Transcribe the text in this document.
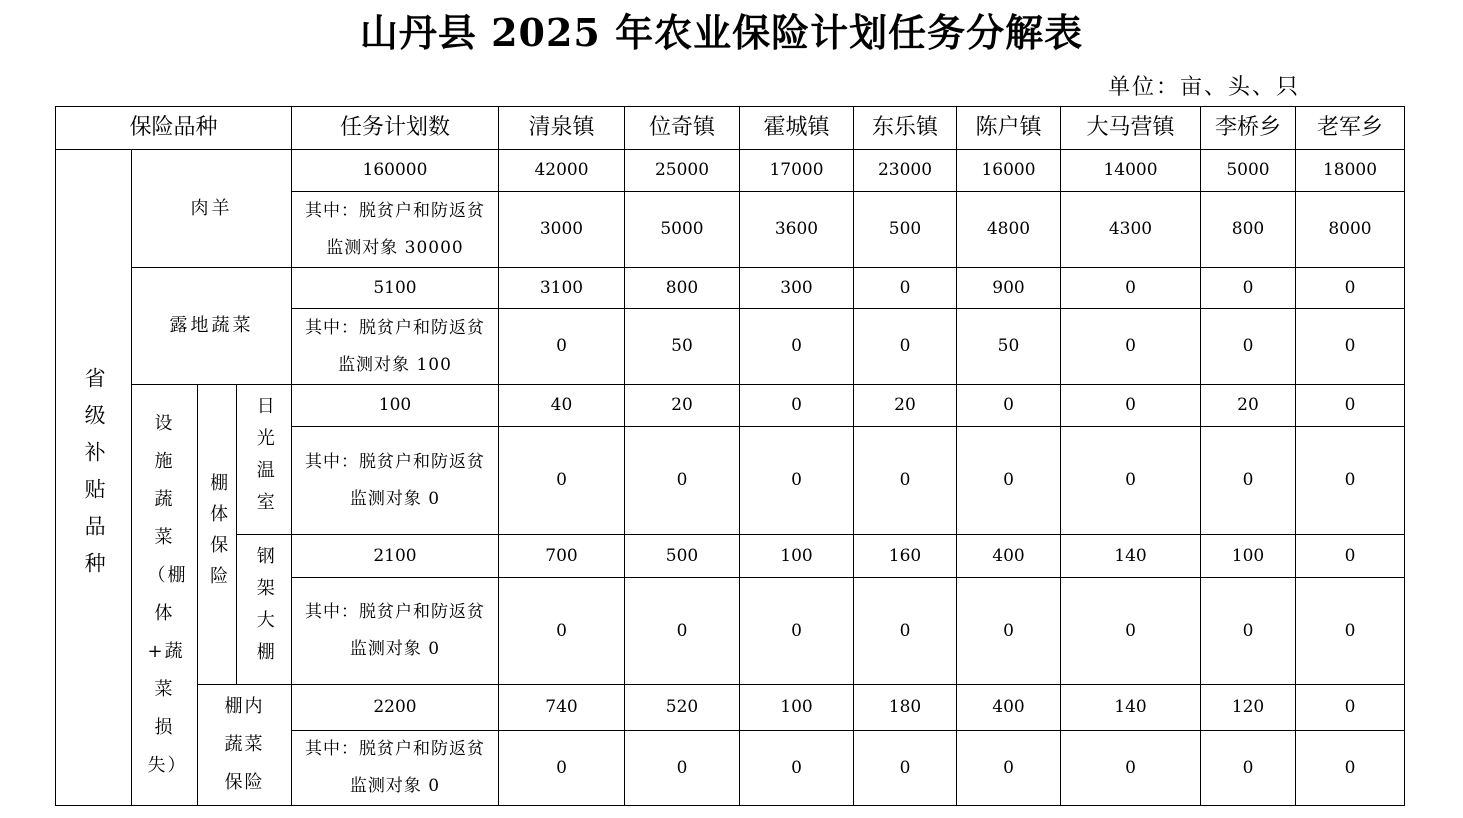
山丹县 2025 年农业保险计划任务分解表
单位：亩、头、只
保险品种				任务计划数	清泉镇	位奇镇	霍城镇	东乐镇	陈户镇	大马营镇	李桥乡	老军乡

省级补贴品种	肉羊			160000	42000	25000	17000	23000	16000	14000	5000	18000

				其中：脱贫户和防返贫
监测对象 30000	3000	5000	3600	500	4800	4300	800	8000
	露地蔬菜			5100	3100	800	300	0	900	0	0	0

				其中：脱贫户和防返贫
监测对象 100	0	50	0	0	50	0	0	0

	设施蔬菜（棚体+蔬菜损失）	棚体保险	日光温室	100	40	20	0	20	0	0	20	0

				其中：脱贫户和防返贫
监测对象 0	0	0	0	0	0	0	0	0

			钢架大棚	2100	700	500	100	160	400	140	100	0

				其中：脱贫户和防返贫
监测对象 0	0	0	0	0	0	0	0	0

		棚内蔬菜保险		2200	740	520	100	180	400	140	120	0

				其中：脱贫户和防返贫
监测对象 0	0	0	0	0	0	0	0	0
